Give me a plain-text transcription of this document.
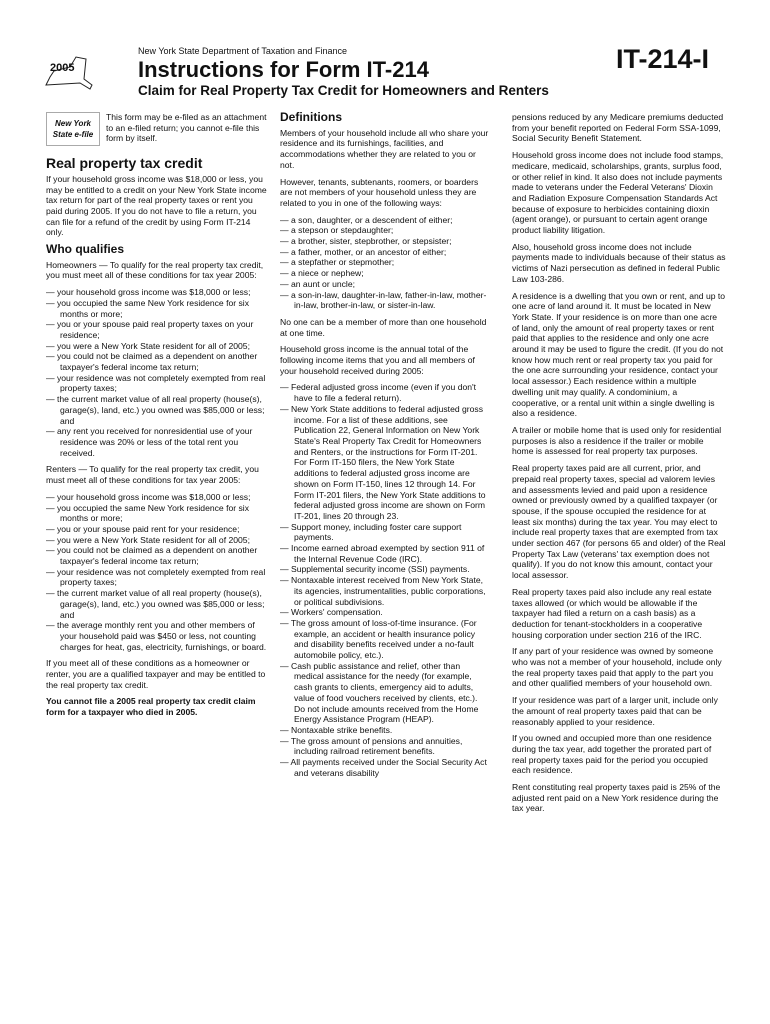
2005
New York State Department of Taxation and Finance
Instructions for Form IT-214
Claim for Real Property Tax Credit for Homeowners and Renters
IT-214-I
New York State e-file

This form may be e-filed as an attachment to an e-filed return; you cannot e-file this form by itself.

Real property tax credit

If your household gross income was $18,000 or less, you may be entitled to a credit on your New York State income tax return for part of the real property taxes or rent you paid during 2005. If you do not have to file a return, you can file for a refund of the credit by using Form IT-214 only.

Who qualifies

Homeowners — To qualify for the real property tax credit, you must meet all of these conditions for tax year 2005:

— your household gross income was $18,000 or less;
— you occupied the same New York residence for six months or more;
— you or your spouse paid real property taxes on your residence;
— you were a New York State resident for all of 2005;
— you could not be claimed as a dependent on another taxpayer's federal income tax return;
— your residence was not completely exempted from real property taxes;
— the current market value of all real property (house(s), garage(s), land, etc.) you owned was $85,000 or less; and
— any rent you received for nonresidential use of your residence was 20% or less of the total rent you received.

Renters — To qualify for the real property tax credit, you must meet all of these conditions for tax year 2005:

— your household gross income was $18,000 or less;
— you occupied the same New York residence for six months or more;
— you or your spouse paid rent for your residence;
— you were a New York State resident for all of 2005;
— you could not be claimed as a dependent on another taxpayer's federal income tax return;
— your residence was not completely exempted from real property taxes;
— the current market value of all real property (house(s), garage(s), land, etc.) you owned was $85,000 or less; and
— the average monthly rent you and other members of your household paid was $450 or less, not counting charges for heat, gas, electricity, furnishings, or board.

If you meet all of these conditions as a homeowner or renter, you are a qualified taxpayer and may be entitled to the real property tax credit.

You cannot file a 2005 real property tax credit claim form for a taxpayer who died in 2005.

Definitions

Members of your household include all who share your residence and its furnishings, facilities, and accommodations whether they are related to you or not.

However, tenants, subtenants, roomers, or boarders are not members of your household unless they are related to you in one of the following ways:

— a son, daughter, or a descendent of either;
— a stepson or stepdaughter;
— a brother, sister, stepbrother, or stepsister;
— a father, mother, or an ancestor of either;
— a stepfather or stepmother;
— a niece or nephew;
— an aunt or uncle;
— a son-in-law, daughter-in-law, father-in-law, mother-in-law, brother-in-law, or sister-in-law.

No one can be a member of more than one household at one time.

Household gross income is the annual total of the following income items that you and all members of your household received during 2005:

— Federal adjusted gross income (even if you don't have to file a federal return).
— New York State additions to federal adjusted gross income. For a list of these additions, see Publication 22, General Information on New York State's Real Property Tax Credit for Homeowners and Renters, or the instructions for Form IT-201. For Form IT-150 filers, the New York State additions to federal adjusted gross income are shown on Form IT-150, lines 12 through 14. For Form IT-201 filers, the New York State additions to federal adjusted gross income are shown on Form IT-201, lines 20 through 23.
— Support money, including foster care support payments.
— Income earned abroad exempted by section 911 of the Internal Revenue Code (IRC).
— Supplemental security income (SSI) payments.
— Nontaxable interest received from New York State, its agencies, instrumentalities, public corporations, or political subdivisions.
— Workers' compensation.
— The gross amount of loss-of-time insurance. (For example, an accident or health insurance policy and disability benefits received under a no-fault automobile policy, etc.).
— Cash public assistance and relief, other than medical assistance for the needy (for example, cash grants to clients, emergency aid to adults, value of food vouchers received by clients, etc.). Do not include amounts received from the Home Energy Assistance Program (HEAP).
— Nontaxable strike benefits.
— The gross amount of pensions and annuities, including railroad retirement benefits.
— All payments received under the Social Security Act and veterans disability

pensions reduced by any Medicare premiums deducted from your benefit reported on Federal Form SSA-1099, Social Security Benefit Statement.

Household gross income does not include food stamps, medicare, medicaid, scholarships, grants, surplus food, or other relief in kind. It also does not include payments made to veterans under the Federal Veterans' Dioxin and Radiation Exposure Compensation Standards Act because of exposure to herbicides containing dioxin (agent orange), or pursuant to certain agent orange product liability litigation.

Also, household gross income does not include payments made to individuals because of their status as victims of Nazi persecution as defined in federal Public Law 103-286.

A residence is a dwelling that you own or rent, and up to one acre of land around it. It must be located in New York State. If your residence is on more than one acre of land, only the amount of real property taxes or rent paid that applies to the residence and only one acre around it may be used to figure the credit. (If you do not know how much rent or real property tax you paid for the one acre surrounding your residence, contact your local assessor.) Each residence within a multiple dwelling unit may qualify. A condominium, a cooperative, or a rental unit within a single dwelling is also a residence.

A trailer or mobile home that is used only for residential purposes is also a residence if the trailer or mobile home is assessed for real property tax purposes.

Real property taxes paid are all current, prior, and prepaid real property taxes, special ad valorem levies and assessments levied and paid upon a residence owned or previously owned by a qualified taxpayer (or spouse, if the spouse occupied the residence for at least six months) during the tax year. You may elect to include real property taxes that are exempted from tax under section 467 (for persons 65 and older) of the Real Property Tax Law (veterans' tax exemption does not qualify). If you do not know this amount, contact your local assessor.

Real property taxes paid also include any real estate taxes allowed (or which would be allowable if the taxpayer had filed a return on a cash basis) as a deduction for tenant-stockholders in a cooperative housing corporation under section 216 of the IRC.

If any part of your residence was owned by someone who was not a member of your household, include only the real property taxes paid that apply to the part you and other qualified members of your household own.

If your residence was part of a larger unit, include only the amount of real property taxes paid that can be reasonably applied to your residence.

If you owned and occupied more than one residence during the tax year, add together the prorated part of real property taxes paid for the period you occupied each residence.

Rent constituting real property taxes paid is 25% of the adjusted rent paid on a New York residence during the tax year.
